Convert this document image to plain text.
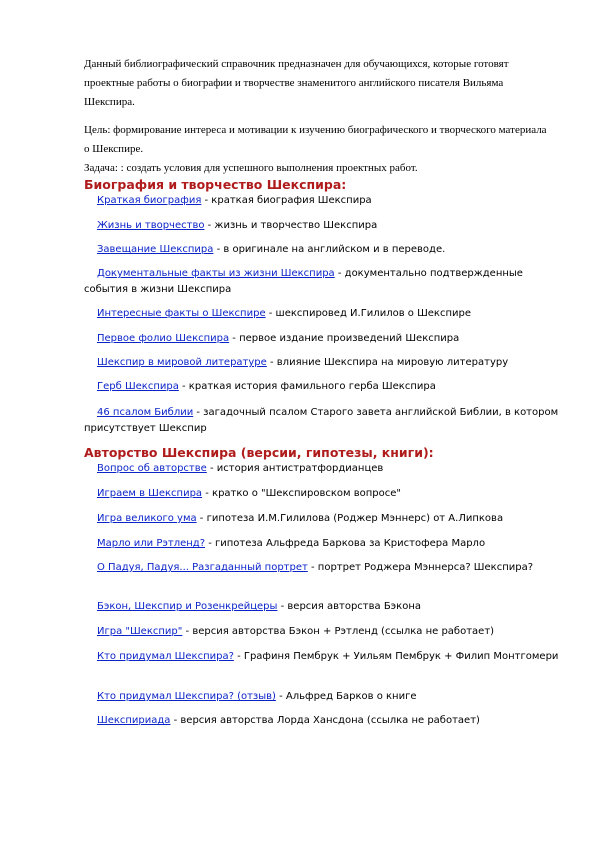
Данный библиографический справочник предназначен для обучающихся, которые готовят проектные работы о биографии и творчестве знаменитого английского писателя Вильяма Шекспира.

Цель: формирование интереса и мотивации к изучению биографического и творческого материала о Шекспире.

Задача: : создать условия для успешного выполнения проектных работ.

Биография и творчество Шекспира:
Краткая биография - краткая биография Шекспира
Жизнь и творчество - жизнь и творчество Шекспира
Завещание Шекспира - в оригинале на английском и в переводе.
Документальные факты из жизни Шекспира - документально подтвержденные события в жизни Шекспира
Интересные факты о Шекспире - шекспировед И.Гилилов о Шекспире
Первое фолио Шекспира - первое издание произведений Шекспира
Шекспир в мировой литературе - влияние Шекспира на мировую литературу
Герб Шекспира - краткая история фамильного герба Шекспира
46 псалом Библии - загадочный псалом Старого завета английской Библии, в котором присутствует Шекспир
Авторство Шекспира (версии, гипотезы, книги):
Вопрос об авторстве - история антистратфордианцев
Играем в Шекспира - кратко о "Шекспировском вопросе"
Игра великого ума - гипотеза И.М.Гилилова (Роджер Мэннерс) от А.Липкова
Марло или Рэтленд? - гипотеза Альфреда Баркова за Кристофера Марло
О Падуя, Падуя... Разгаданный портрет - портрет Роджера Мэннерса? Шекспира?
Бэкон, Шекспир и Розенкрейцеры - версия авторства Бэкона
Игра "Шекспир" - версия авторства Бэкон + Рэтленд (ссылка не работает)
Кто придумал Шекспира? - Графиня Пембрук + Уильям Пембрук + Филип Монтгомери
Кто придумал Шекспира? (отзыв) - Альфред Барков о книге
Шекспириада - версия авторства Лорда Хансдона (ссылка не работает)
